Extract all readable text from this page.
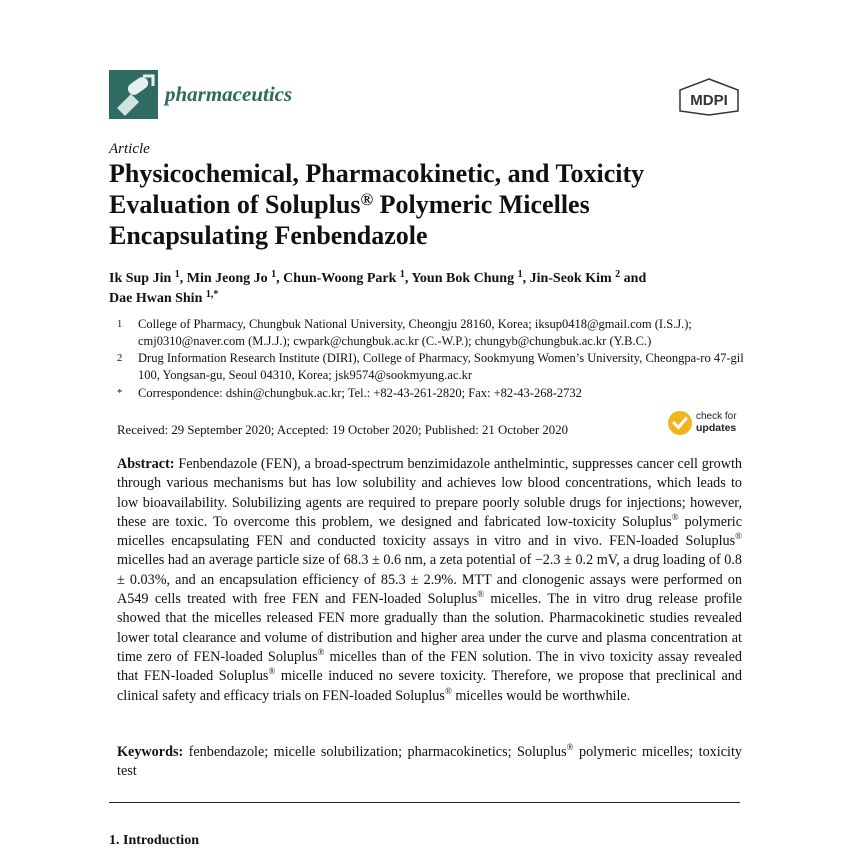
pharmaceutics	MDPI
Article
Physicochemical, Pharmacokinetic, and Toxicity Evaluation of Soluplus® Polymeric Micelles Encapsulating Fenbendazole
Ik Sup Jin $^1$, Min Jeong Jo $^1$, Chun-Woong Park $^1$, Youn Bok Chung $^1$, Jin-Seok Kim $^2$ and
Dae Hwan Shin $^{1,*}$
1 College of Pharmacy, Chungbuk National University, Cheongju 28160, Korea; iksup0418@gmail.com (I.S.J.); cmj0310@naver.com (M.J.J.); cwpark@chungbuk.ac.kr (C.-W.P.); chungyb@chungbuk.ac.kr (Y.B.C.)
2 Drug Information Research Institute (DIRI), College of Pharmacy, Sookmyung Women’s University, Cheongpa-ro 47-gil 100, Yongsan-gu, Seoul 04310, Korea; jsk9574@sookmyung.ac.kr
* Correspondence: dshin@chungbuk.ac.kr; Tel.: +82-43-261-2820; Fax: +82-43-268-2732
Received: 29 September 2020; Accepted: 19 October 2020; Published: 21 October 2020
check for
updates
Abstract: Fenbendazole (FEN), a broad-spectrum benzimidazole anthelmintic, suppresses cancer cell growth through various mechanisms but has low solubility and achieves low blood concentrations, which leads to low bioavailability. Solubilizing agents are required to prepare poorly soluble drugs for injections; however, these are toxic. To overcome this problem, we designed and fabricated low-toxicity Soluplus® polymeric micelles encapsulating FEN and conducted toxicity assays in vitro and in vivo. FEN-loaded Soluplus® micelles had an average particle size of 68.3 ± 0.6 nm, a zeta potential of −2.3 ± 0.2 mV, a drug loading of 0.8 ± 0.03%, and an encapsulation efficiency of 85.3 ± 2.9%. MTT and clonogenic assays were performed on A549 cells treated with free FEN and FEN-loaded Soluplus® micelles. The in vitro drug release profile showed that the micelles released FEN more gradually than the solution. Pharmacokinetic studies revealed lower total clearance and volume of distribution and higher area under the curve and plasma concentration at time zero of FEN-loaded Soluplus® micelles than of the FEN solution. The in vivo toxicity assay revealed that FEN-loaded Soluplus® micelle induced no severe toxicity. Therefore, we propose that preclinical and clinical safety and efficacy trials on FEN-loaded Soluplus® micelles would be worthwhile.
Keywords: fenbendazole; micelle solubilization; pharmacokinetics; Soluplus® polymeric micelles; toxicity test
1. Introduction
